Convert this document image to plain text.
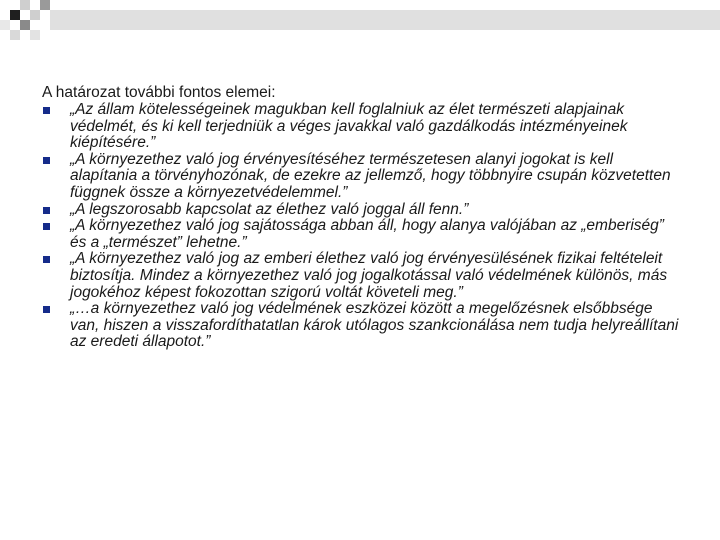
A határozat további fontos elemei:
„Az állam kötelességeinek magukban kell foglalniuk az élet természeti alapjainak védelmét, és ki kell terjedniük a véges javakkal való gazdálkodás intézményeinek kiépítésére.”
„A környezethez való jog érvényesítéséhez természetesen alanyi jogokat is kell alapítania a törvényhozónak, de ezekre az jellemző, hogy többnyire csupán közvetetten függnek össze a környezetvédelemmel.”
„A legszorosabb kapcsolat az élethez való joggal áll fenn.”
„A környezethez való jog sajátossága abban áll, hogy alanya valójában az „emberiség” és a „természet” lehetne.”
„A környezethez való jog az emberi élethez való jog érvényesülésének fizikai feltételeit biztosítja. Mindez a környezethez való jog jogalkotással való védelmének különös, más jogokéhoz képest fokozottan szigorú voltát követeli meg.”
„…a környezethez való jog védelmének eszközei között a megelőzésnek elsőbbsége van, hiszen a visszafordíthatatlan károk utólagos szankcionálása nem tudja helyreállítani az eredeti állapotot.”
